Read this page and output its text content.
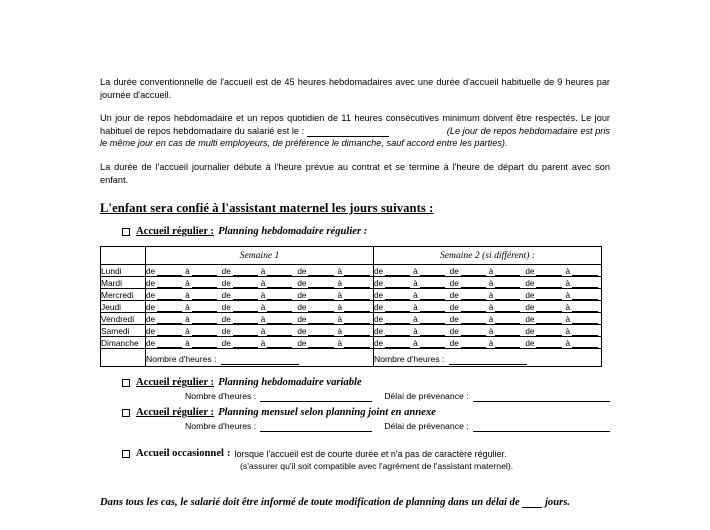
La durée conventionnelle de l'accueil est de 45 heures hebdomadaires avec une durée d'accueil habituelle de 9 heures par journée d'accueil.

Un jour de repos hebdomadaire et un repos quotidien de 11 heures consécutives minimum doivent être respectés. Le jour habituel de repos hebdomadaire du salarié est le :	(Le jour de repos hebdomadaire est pris le même jour en cas de multi employeurs, de préférence le dimanche, sauf accord entre les parties).

La durée de l'accueil journalier débute à l'heure prévue au contrat et se termine à l'heure de départ du parent avec son enfant.

L'enfant sera confié à l'assistant maternel les jours suivants :
Accueil régulier : Planning hebdomadaire régulier :
	Semaine 1	Semaine 2 (si différent) :
Lundi	de	à	de	à	de	à	de	à	de	à	de	à

Mardi	de	à	de	à	de	à	de	à	de	à	de	à

Mercredi	de	à	de	à	de	à	de	à	de	à	de	à

Jeudi	de	à	de	à	de	à	de	à	de	à	de	à

Vendredi	de	à	de	à	de	à	de	à	de	à	de	à

Samedi	de	à	de	à	de	à	de	à	de	à	de	à

Dimanche	de	à	de	à	de	à	de	à	de	à	de	à

	Nombre d'heures :	Nombre d'heures :
Accueil régulier : Planning hebdomadaire variable
Nombre d'heures :	Délai de prévenance :
Accueil régulier : Planning mensuel selon planning joint en annexe
Nombre d'heures :	Délai de prévenance :
Accueil occasionnel : lorsque l'accueil est de courte durée et n'a pas de caractère régulier.
(s'assurer qu'il soit compatible avec l'agrément de l'assistant maternel).
Dans tous les cas, le salarié doit être informé de toute modification de planning dans un délai de jours.
